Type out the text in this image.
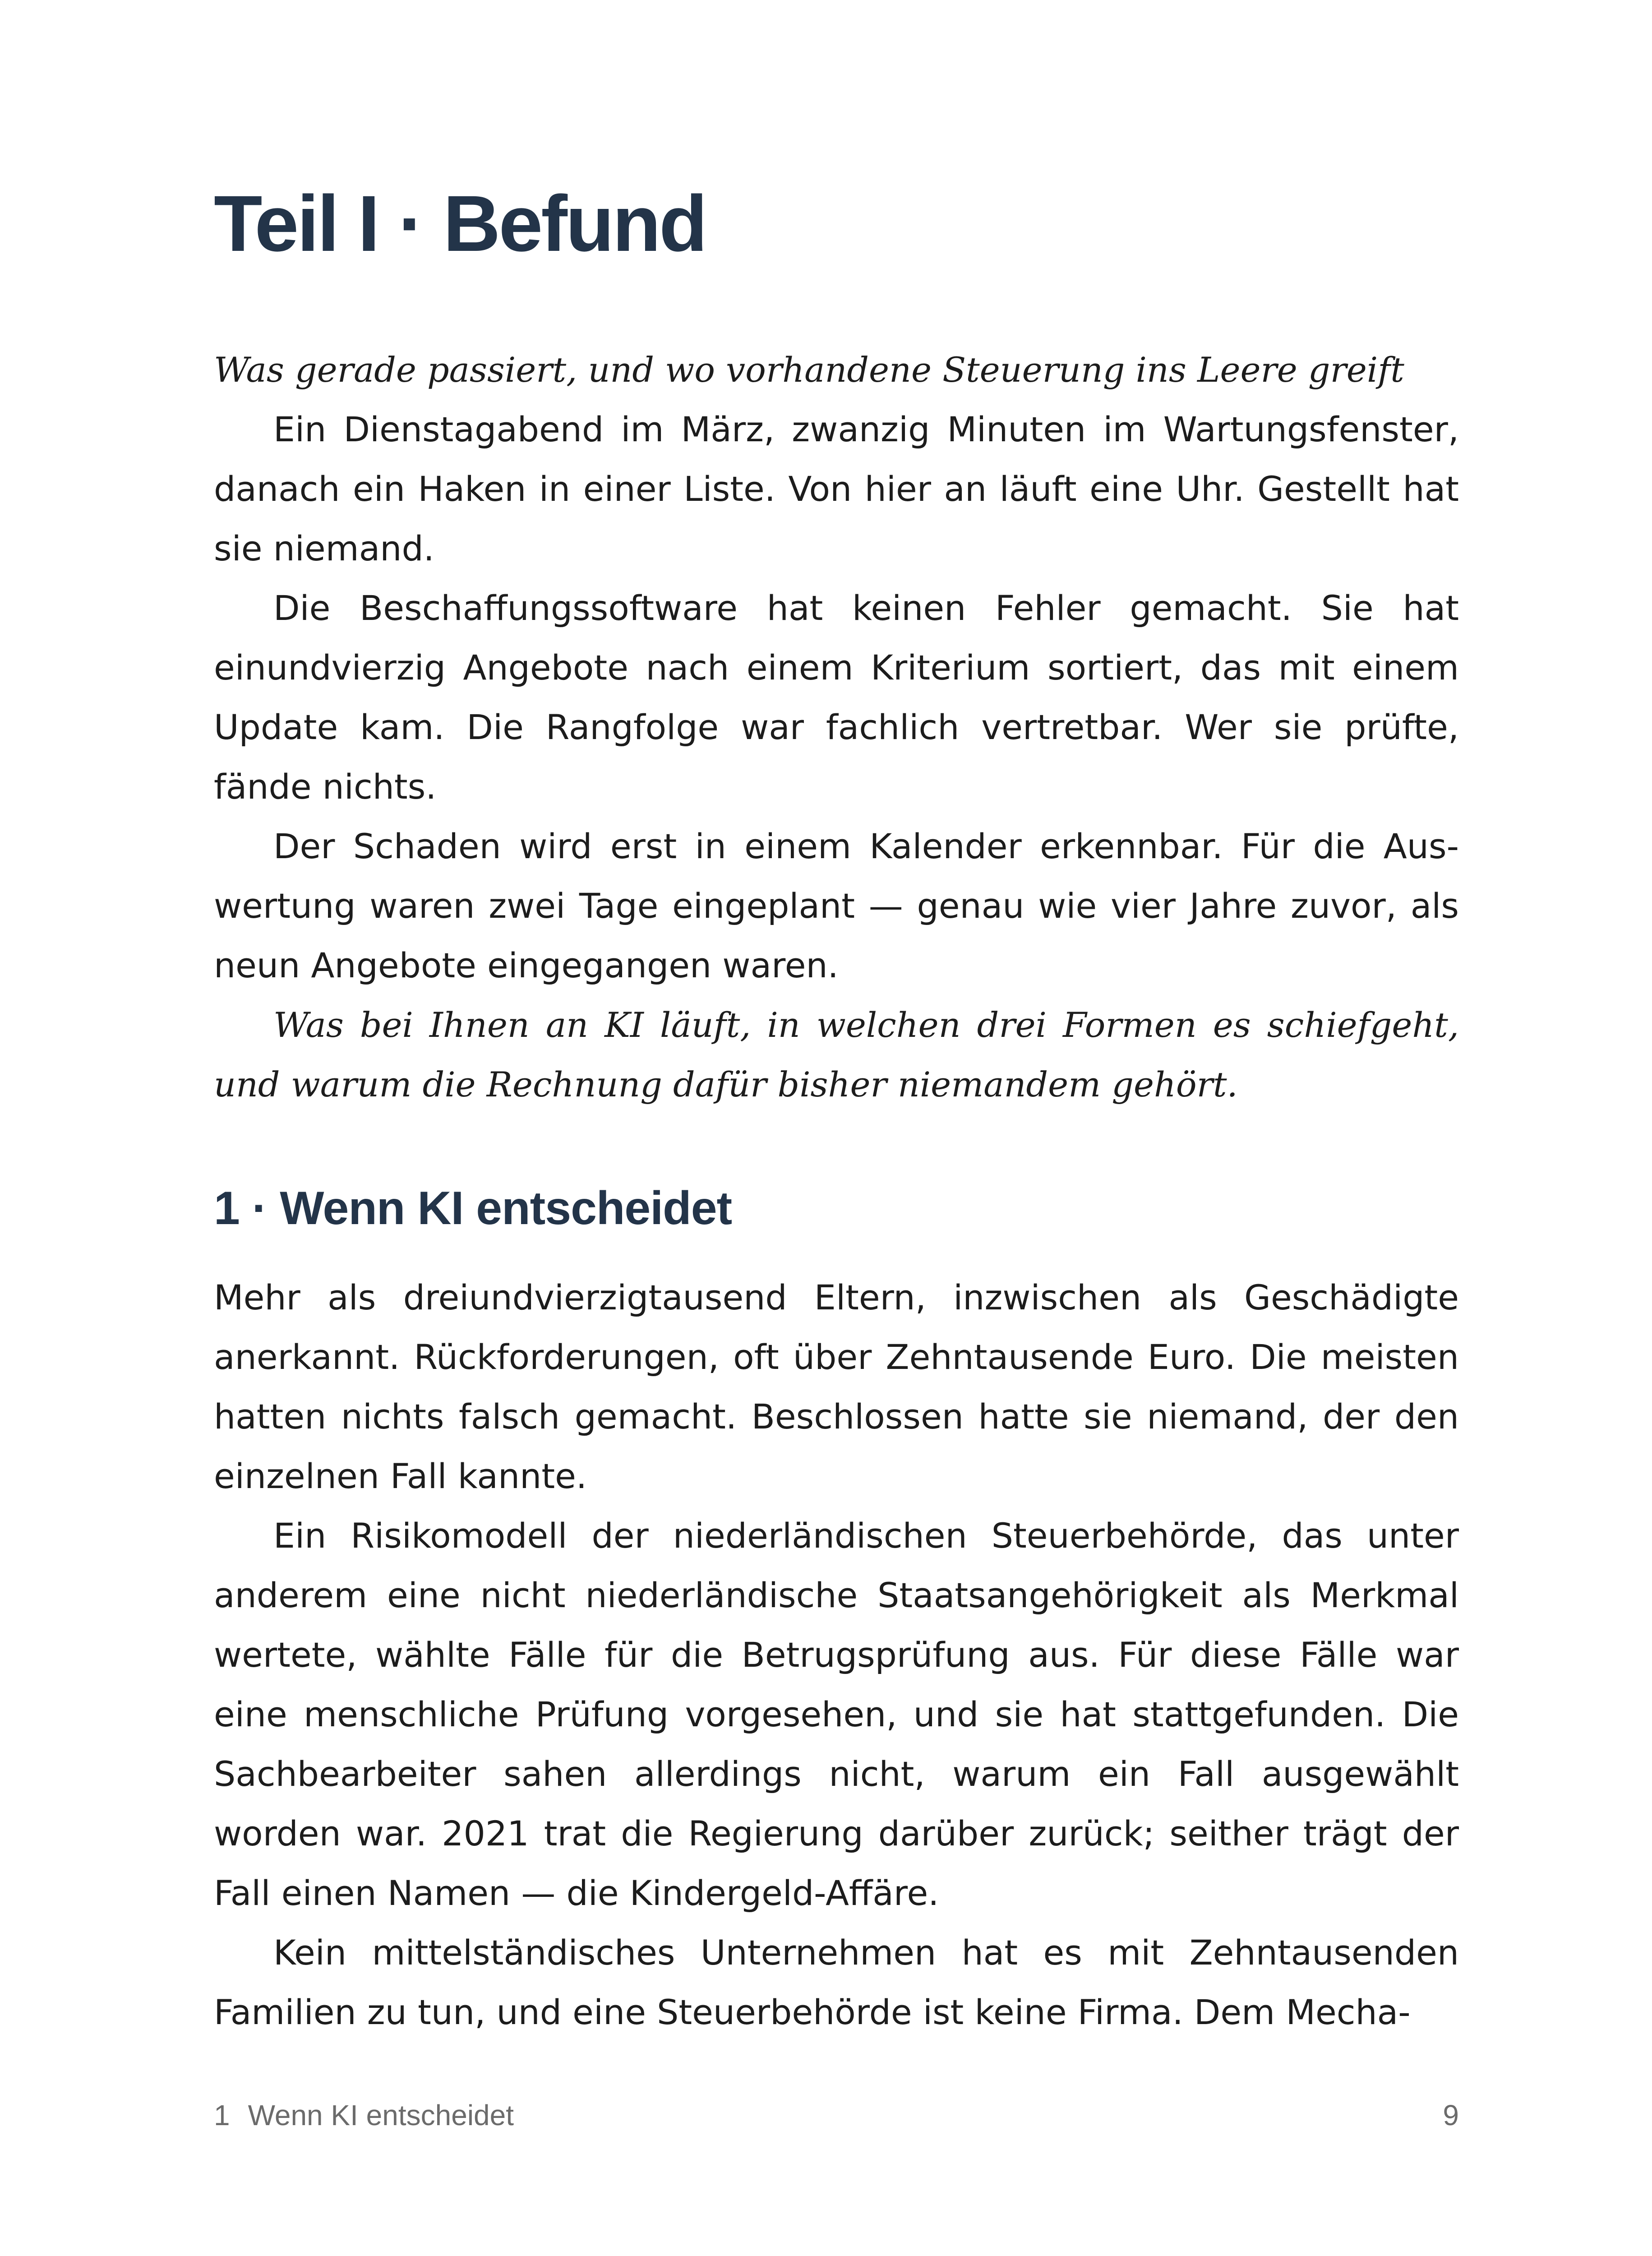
Teil I · Befund

Was gerade passiert, und wo vorhandene Steuerung ins Leere greift

Ein Dienstagabend im März, zwanzig Minuten im Wartungsfenster, danach ein Haken in einer Liste. Von hier an läuft eine Uhr. Gestellt hat sie niemand.

Die Beschaffungssoftware hat keinen Fehler gemacht. Sie hat einundvierzig Angebote nach einem Kriterium sortiert, das mit einem Update kam. Die Rangfolge war fachlich vertretbar. Wer sie prüfte, fände nichts.

Der Schaden wird erst in einem Kalender erkennbar. Für die Auswertung waren zwei Tage eingeplant — genau wie vier Jahre zuvor, als neun Angebote eingegangen waren.

Was bei Ihnen an KI läuft, in welchen drei Formen es schiefgeht, und warum die Rechnung dafür bisher niemandem gehört.

1 · Wenn KI entscheidet

Mehr als dreiundvierzigtausend Eltern, inzwischen als Geschädigte anerkannt. Rückforderungen, oft über Zehntausende Euro. Die meisten hatten nichts falsch gemacht. Beschlossen hatte sie niemand, der den einzelnen Fall kannte.

Ein Risikomodell der niederländischen Steuerbehörde, das unter anderem eine nicht niederländische Staatsangehörigkeit als Merkmal wertete, wählte Fälle für die Betrugsprüfung aus. Für diese Fälle war eine menschliche Prüfung vorgesehen, und sie hat stattgefunden. Die Sachbearbeiter sahen allerdings nicht, warum ein Fall ausgewählt worden war. 2021 trat die Regierung darüber zurück; seither trägt der Fall einen Namen — die Kindergeld-Affäre.

Kein mittelständisches Unternehmen hat es mit Zehntausenden Familien zu tun, und eine Steuerbehörde ist keine Firma. Dem Mecha-

1 Wenn KI entscheidet	9
